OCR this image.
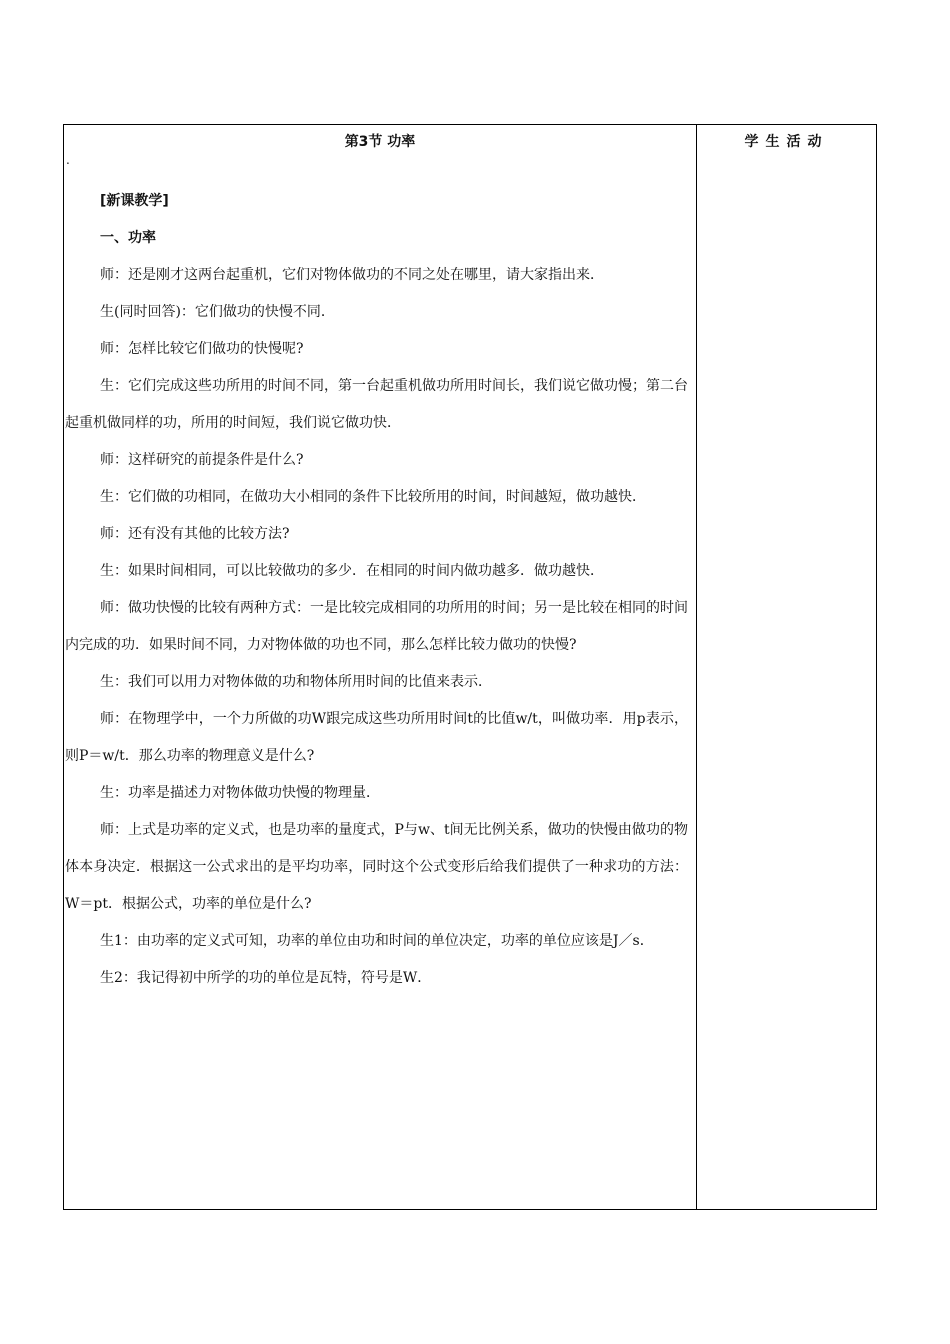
第3节 功率
.

[新课教学]

一、功率

师：还是刚才这两台起重机，它们对物体做功的不同之处在哪里，请大家指出来．

生(同时回答)：它们做功的快慢不同．

师：怎样比较它们做功的快慢呢?

生：它们完成这些功所用的时间不同，第一台起重机做功所用时间长，我们说它做功慢；第二台起重机做同样的功，所用的时间短，我们说它做功快．

师：这样研究的前提条件是什么?

生：它们做的功相同，在做功大小相同的条件下比较所用的时间，时间越短，做功越快．

师：还有没有其他的比较方法?

生：如果时间相同，可以比较做功的多少．在相同的时间内做功越多．做功越快．

师：做功快慢的比较有两种方式：一是比较完成相同的功所用的时间；另一是比较在相同的时间内完成的功．如果时间不同，力对物体做的功也不同，那么怎样比较力做功的快慢?

生：我们可以用力对物体做的功和物体所用时间的比值来表示．

师：在物理学中，一个力所做的功W跟完成这些功所用时间t的比值w/t，叫做功率．用p表示，则P＝w/t．那么功率的物理意义是什么?

生：功率是描述力对物体做功快慢的物理量．

师：上式是功率的定义式，也是功率的量度式，P与w、t间无比例关系，做功的快慢由做功的物体本身决定．根据这一公式求出的是平均功率，同时这个公式变形后给我们提供了一种求功的方法：W＝pt．根据公式，功率的单位是什么?

生1：由功率的定义式可知，功率的单位由功和时间的单位决定，功率的单位应该是J／s．

生2：我记得初中所学的功的单位是瓦特，符号是W．

学生活动
